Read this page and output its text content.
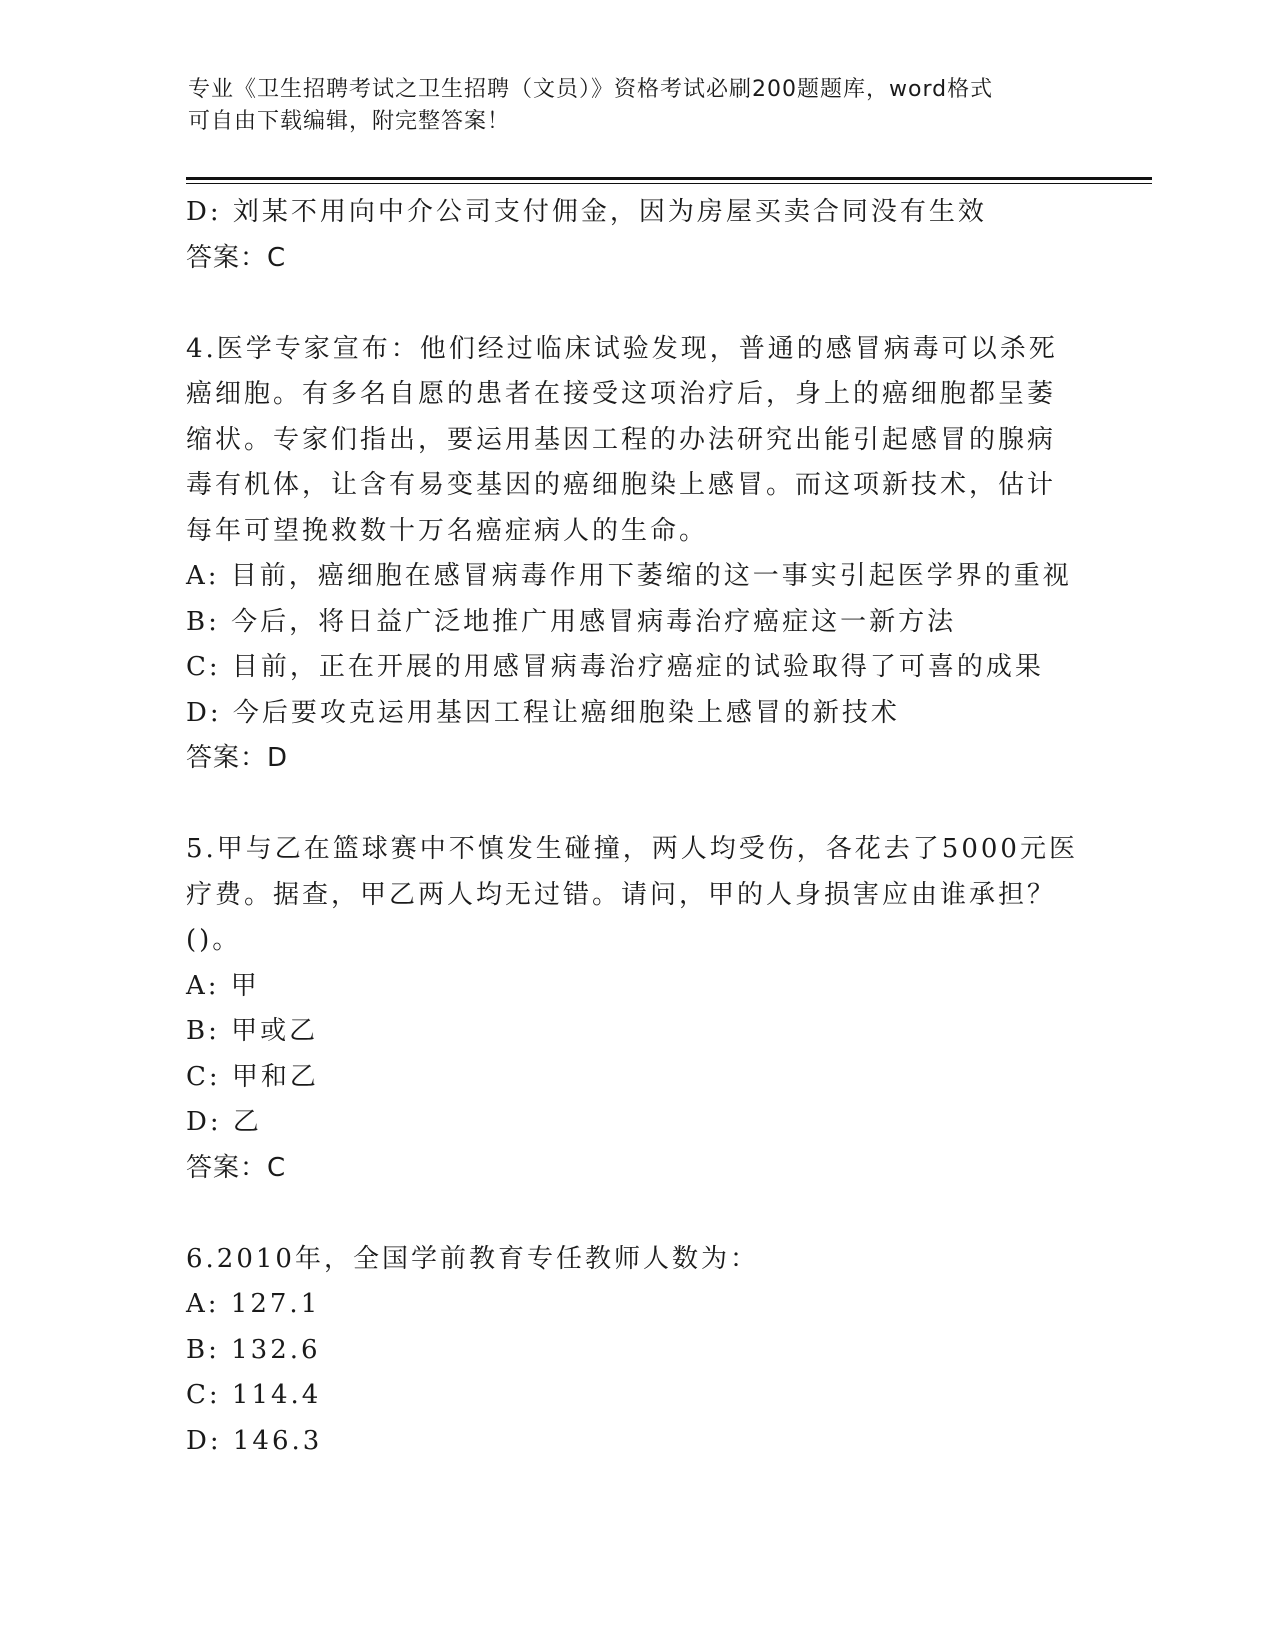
专业《卫生招聘考试之卫生招聘（文员）》资格考试必刷200题题库，word格式
可自由下载编辑，附完整答案！
D: 刘某不用向中介公司支付佣金，因为房屋买卖合同没有生效
答案：C
4.医学专家宣布：他们经过临床试验发现，普通的感冒病毒可以杀死
癌细胞。有多名自愿的患者在接受这项治疗后，身上的癌细胞都呈萎
缩状。专家们指出，要运用基因工程的办法研究出能引起感冒的腺病
毒有机体，让含有易变基因的癌细胞染上感冒。而这项新技术，估计
每年可望挽救数十万名癌症病人的生命。
A: 目前，癌细胞在感冒病毒作用下萎缩的这一事实引起医学界的重视
B: 今后，将日益广泛地推广用感冒病毒治疗癌症这一新方法
C: 目前，正在开展的用感冒病毒治疗癌症的试验取得了可喜的成果
D: 今后要攻克运用基因工程让癌细胞染上感冒的新技术
答案：D
5.甲与乙在篮球赛中不慎发生碰撞，两人均受伤，各花去了5000元医
疗费。据查，甲乙两人均无过错。请问，甲的人身损害应由谁承担？
()。
A: 甲
B: 甲或乙
C: 甲和乙
D: 乙
答案：C
6.2010年，全国学前教育专任教师人数为：
A: 127.1
B: 132.6
C: 114.4
D: 146.3
